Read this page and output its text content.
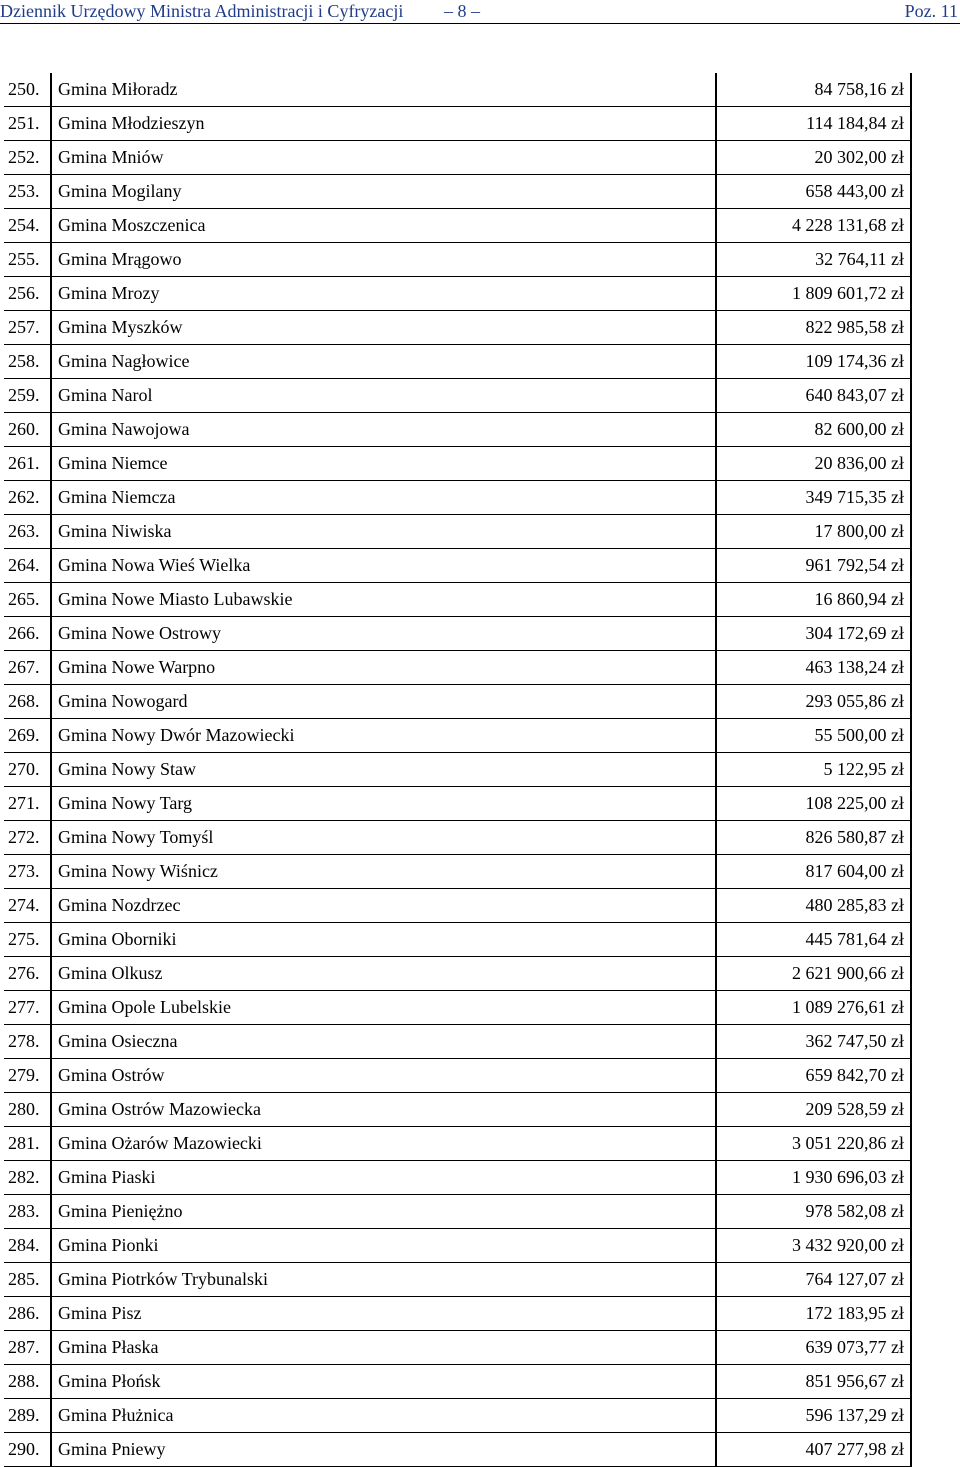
Dziennik Urzędowy Ministra Administracji i Cyfryzacji – 8 –	Poz. 11
250.	Gmina Miłoradz	84 758,16 zł
251.	Gmina Młodzieszyn	114 184,84 zł
252.	Gmina Mniów	20 302,00 zł
253.	Gmina Mogilany	658 443,00 zł
254.	Gmina Moszczenica	4 228 131,68 zł
255.	Gmina Mrągowo	32 764,11 zł
256.	Gmina Mrozy	1 809 601,72 zł
257.	Gmina Myszków	822 985,58 zł
258.	Gmina Nagłowice	109 174,36 zł
259.	Gmina Narol	640 843,07 zł
260.	Gmina Nawojowa	82 600,00 zł
261.	Gmina Niemce	20 836,00 zł
262.	Gmina Niemcza	349 715,35 zł
263.	Gmina Niwiska	17 800,00 zł
264.	Gmina Nowa Wieś Wielka	961 792,54 zł
265.	Gmina Nowe Miasto Lubawskie	16 860,94 zł
266.	Gmina Nowe Ostrowy	304 172,69 zł
267.	Gmina Nowe Warpno	463 138,24 zł
268.	Gmina Nowogard	293 055,86 zł
269.	Gmina Nowy Dwór Mazowiecki	55 500,00 zł
270.	Gmina Nowy Staw	5 122,95 zł
271.	Gmina Nowy Targ	108 225,00 zł
272.	Gmina Nowy Tomyśl	826 580,87 zł
273.	Gmina Nowy Wiśnicz	817 604,00 zł
274.	Gmina Nozdrzec	480 285,83 zł
275.	Gmina Oborniki	445 781,64 zł
276.	Gmina Olkusz	2 621 900,66 zł
277.	Gmina Opole Lubelskie	1 089 276,61 zł
278.	Gmina Osieczna	362 747,50 zł
279.	Gmina Ostrów	659 842,70 zł
280.	Gmina Ostrów Mazowiecka	209 528,59 zł
281.	Gmina Ożarów Mazowiecki	3 051 220,86 zł
282.	Gmina Piaski	1 930 696,03 zł
283.	Gmina Pieniężno	978 582,08 zł
284.	Gmina Pionki	3 432 920,00 zł
285.	Gmina Piotrków Trybunalski	764 127,07 zł
286.	Gmina Pisz	172 183,95 zł
287.	Gmina Płaska	639 073,77 zł
288.	Gmina Płońsk	851 956,67 zł
289.	Gmina Płużnica	596 137,29 zł
290.	Gmina Pniewy	407 277,98 zł
